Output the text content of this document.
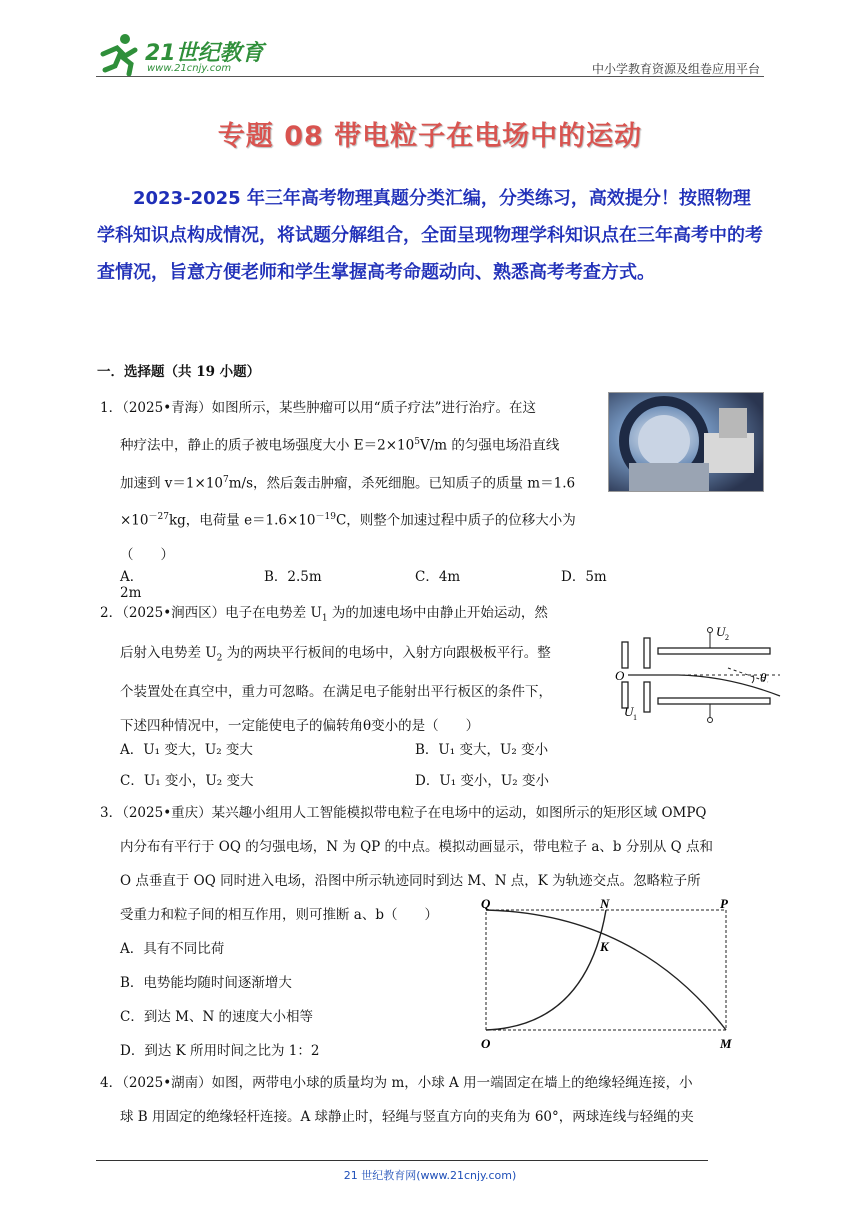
21世纪教育
www.21cnjy.com	中小学教育资源及组卷应用平台
专题 08 带电粒子在电场中的运动
2023-2025 年三年高考物理真题分类汇编，分类练习，高效提分！按照物理学科知识点构成情况，将试题分解组合，全面呈现物理学科知识点在三年高考中的考查情况，旨意方便老师和学生掌握高考命题动向、熟悉高考考查方式。
一．选择题（共 19 小题）
1．（2025•青海）如图所示，某些肿瘤可以用“质子疗法”进行治疗。在这
种疗法中，静止的质子被电场强度大小 $E=2\times 10^5V/m$ 的匀强电场沿直线
加速到 $v=1\times 10^7m/s$，然后轰击肿瘤，杀死细胞。已知质子的质量 m＝1.6
$\times 10^{-27}kg$，电荷量 $e=1.6\times 10^{-19}C$，则整个加速过程中质子的位移大小为
（　　）
A．2m
B．2.5m	C．4m	D．5m
2．（2025•涧西区）电子在电势差 $U_1$ 为的加速电场中由静止开始运动，然
后射入电势差 $U_2$ 为的两块平行板间的电场中，入射方向跟极板平行。整
个装置处在真空中，重力可忽略。在满足电子能射出平行板区的条件下，
下述四种情况中，一定能使电子的偏转角θ变小的是（　　）
O
U 1
U 2
θ
A．U₁ 变大，U₂ 变大	B．U₁ 变大，U₂ 变小
C．U₁ 变小，U₂ 变大	D．U₁ 变小，U₂ 变小
3．（2025•重庆）某兴趣小组用人工智能模拟带电粒子在电场中的运动，如图所示的矩形区域 OMPQ
内分布有平行于 OQ 的匀强电场，N 为 QP 的中点。模拟动画显示，带电粒子 a、b 分别从 Q 点和
O 点垂直于 OQ 同时进入电场，沿图中所示轨迹同时到达 M、N 点，K 为轨迹交点。忽略粒子所
受重力和粒子间的相互作用，则可推断 a、b（　　）
A．具有不同比荷
B．电势能均随时间逐渐增大
C．到达 M、N 的速度大小相等
D．到达 K 所用时间之比为 1：2
Q	N	P
K
O	M
4．（2025•湖南）如图，两带电小球的质量均为 m，小球 A 用一端固定在墙上的绝缘轻绳连接，小
球 B 用固定的绝缘轻杆连接。A 球静止时，轻绳与竖直方向的夹角为 60°，两球连线与轻绳的夹
21 世纪教育网(www.21cnjy.com)
